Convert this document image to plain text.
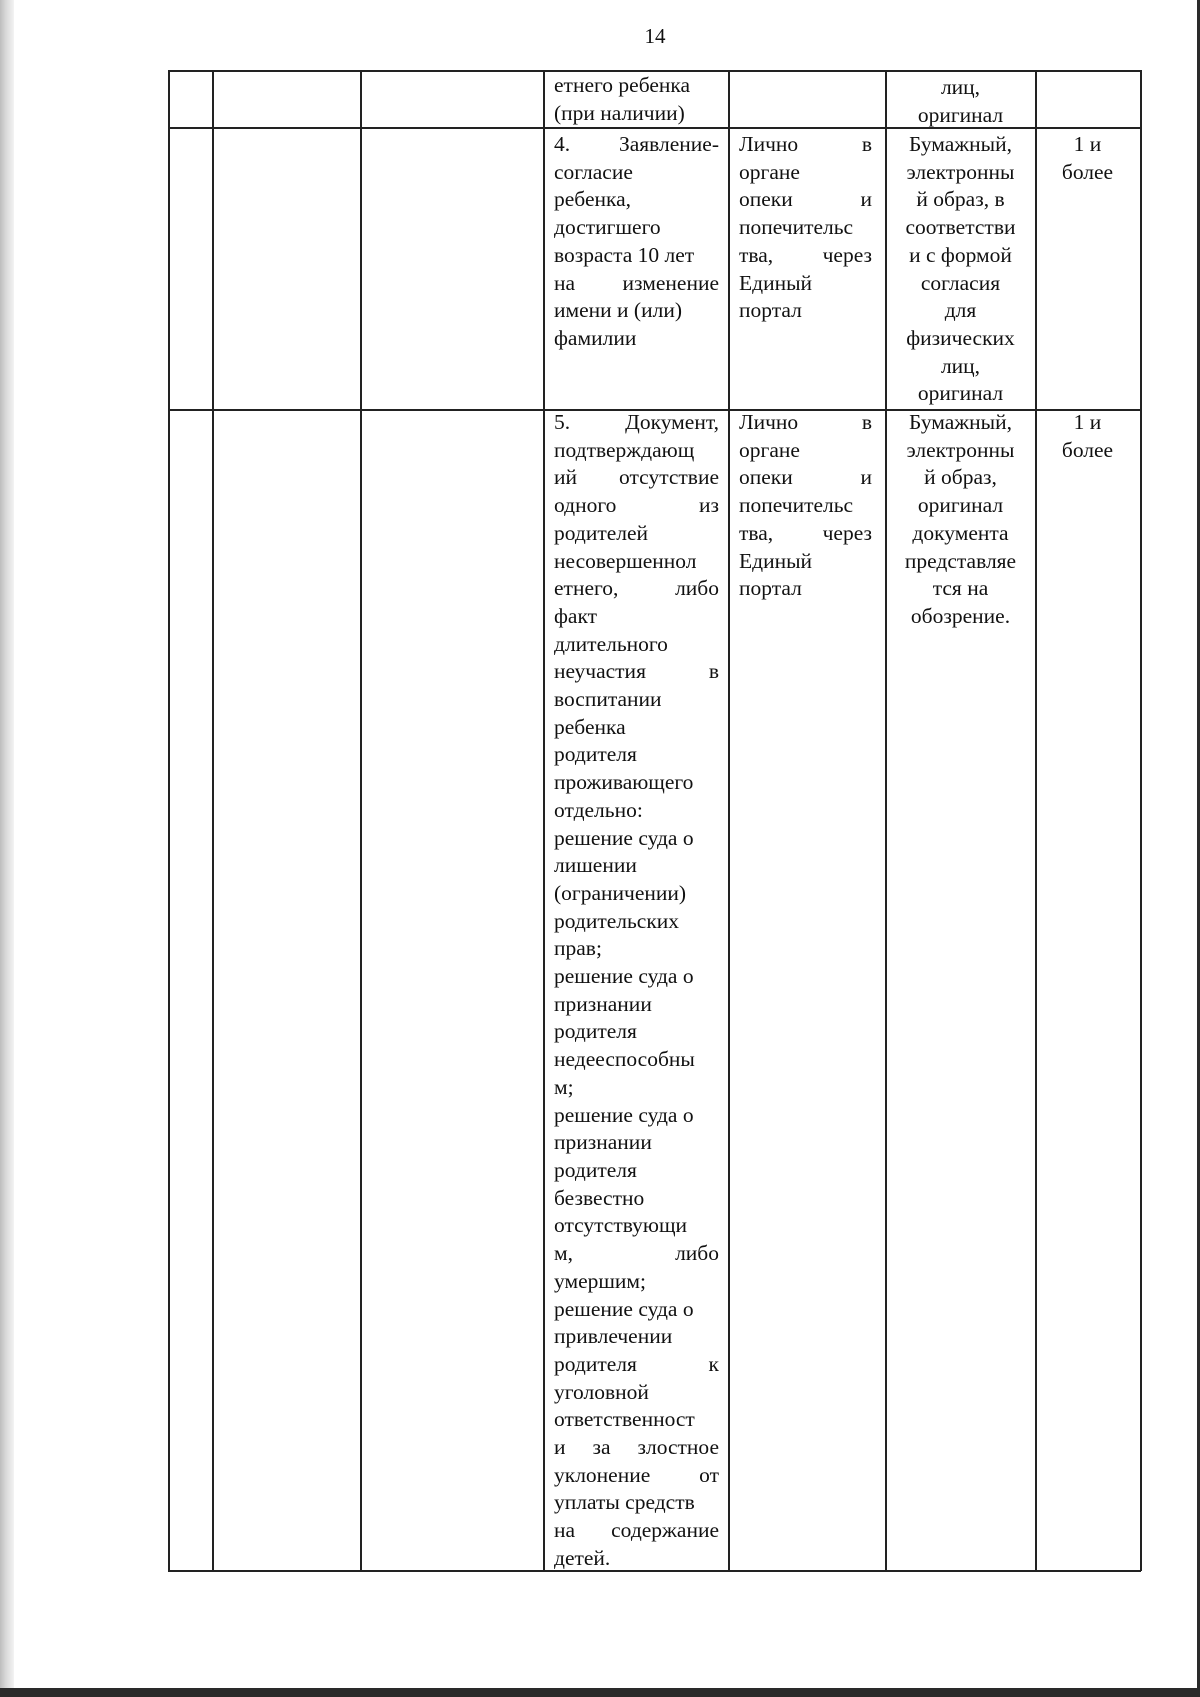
14
етнего ребенка
(при наличии)
лиц,
оригинал
4. Заявление-
согласие
ребенка,
достигшего
возраста 10 лет
на изменение
имени и (или)
фамилии
Лично в
органе
опеки и
попечительс
тва, через
Единый
портал
Бумажный,
электронны
й образ, в
соответстви
и с формой
согласия
для
физических
лиц,
оригинал
1 и
более
5. Документ,
подтверждающ
ий отсутствие
одного из
родителей
несовершеннол
етнего, либо
факт
длительного
неучастия в
воспитании
ребенка
родителя
проживающего
отдельно:
решение суда о
лишении
(ограничении)
родительских
прав;
решение суда о
признании
родителя
недееспособны
м;
решение суда о
признании
родителя
безвестно
отсутствующи
м, либо
умершим;
решение суда о
привлечении
родителя к
уголовной
ответственност
и за злостное
уклонение от
уплаты средств
на содержание
детей.
Лично в
органе
опеки и
попечительс
тва, через
Единый
портал
Бумажный,
электронны
й образ,
оригинал
документа
представляе
тся на
обозрение.
1 и
более
